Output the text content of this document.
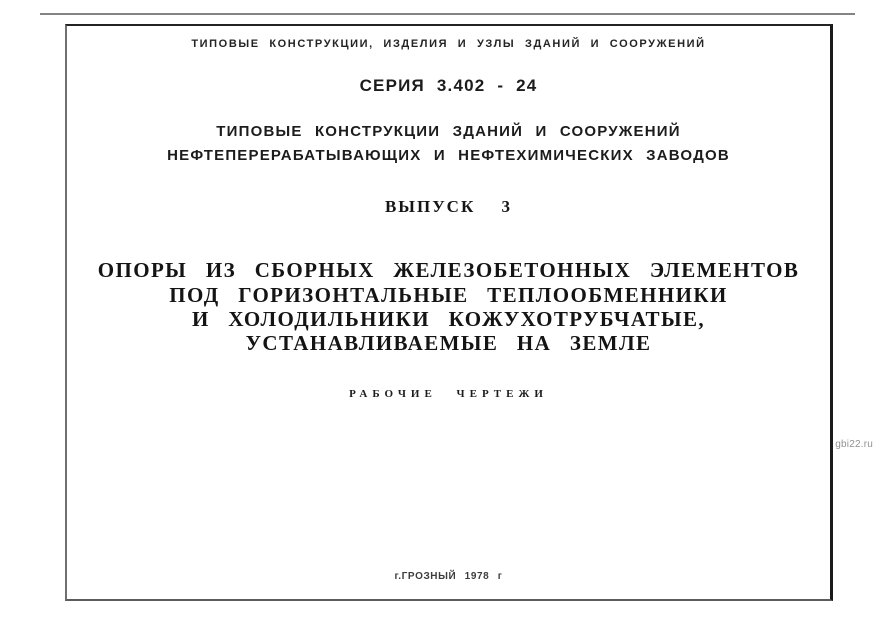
ТИПОВЫЕ КОНСТРУКЦИИ, ИЗДЕЛИЯ И УЗЛЫ ЗДАНИЙ И СООРУЖЕНИЙ
СЕРИЯ 3.402 - 24
ТИПОВЫЕ КОНСТРУКЦИИ ЗДАНИЙ И СООРУЖЕНИЙ
НЕФТЕПЕРЕРАБАТЫВАЮЩИХ И НЕФТЕХИМИЧЕСКИХ ЗАВОДОВ
ВЫПУСК 3
ОПОРЫ ИЗ СБОРНЫХ ЖЕЛЕЗОБЕТОННЫХ ЭЛЕМЕНТОВ
ПОД ГОРИЗОНТАЛЬНЫЕ ТЕПЛООБМЕННИКИ
И ХОЛОДИЛЬНИКИ КОЖУХОТРУБЧАТЫЕ,
УСТАНАВЛИВАЕМЫЕ НА ЗЕМЛЕ
РАБОЧИЕ ЧЕРТЕЖИ
г.ГРОЗНЫЙ 1978 г
gbi22.ru
